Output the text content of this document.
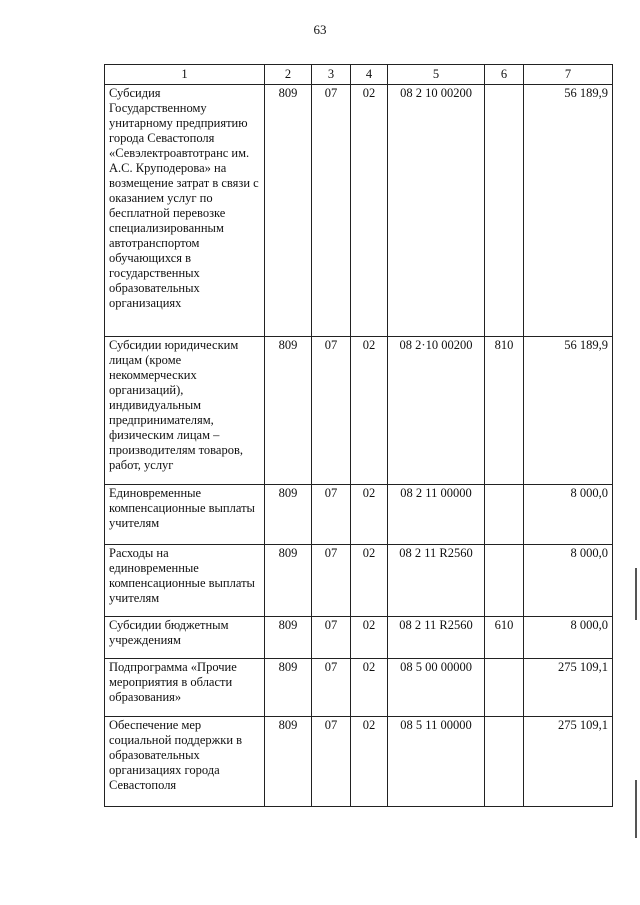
63
1	2	3	4	5	6	7
Субсидия Государственному унитарному предприятию города Севастополя «Севэлектроавтотранс им. А.С. Круподерова» на возмещение затрат в связи с оказанием услуг по бесплатной перевозке специализированным автотранспортом обучающихся в государственных образовательных организациях	809	07	02	08 2 10 00200		56 189,9
Субсидии юридическим лицам (кроме некоммерческих организаций), индивидуальным предпринимателям, физическим лицам – производителям товаров, работ, услуг	809	07	02	08 2·10 00200	810	56 189,9
Единовременные компенсационные выплаты учителям	809	07	02	08 2 11 00000		8 000,0
Расходы на единовременные компенсационные выплаты учителям	809	07	02	08 2 11 R2560		8 000,0
Субсидии бюджетным учреждениям	809	07	02	08 2 11 R2560	610	8 000,0
Подпрограмма «Прочие мероприятия в области образования»	809	07	02	08 5 00 00000		275 109,1
Обеспечение мер социальной поддержки в образовательных организациях города Севастополя	809	07	02	08 5 11 00000		275 109,1
